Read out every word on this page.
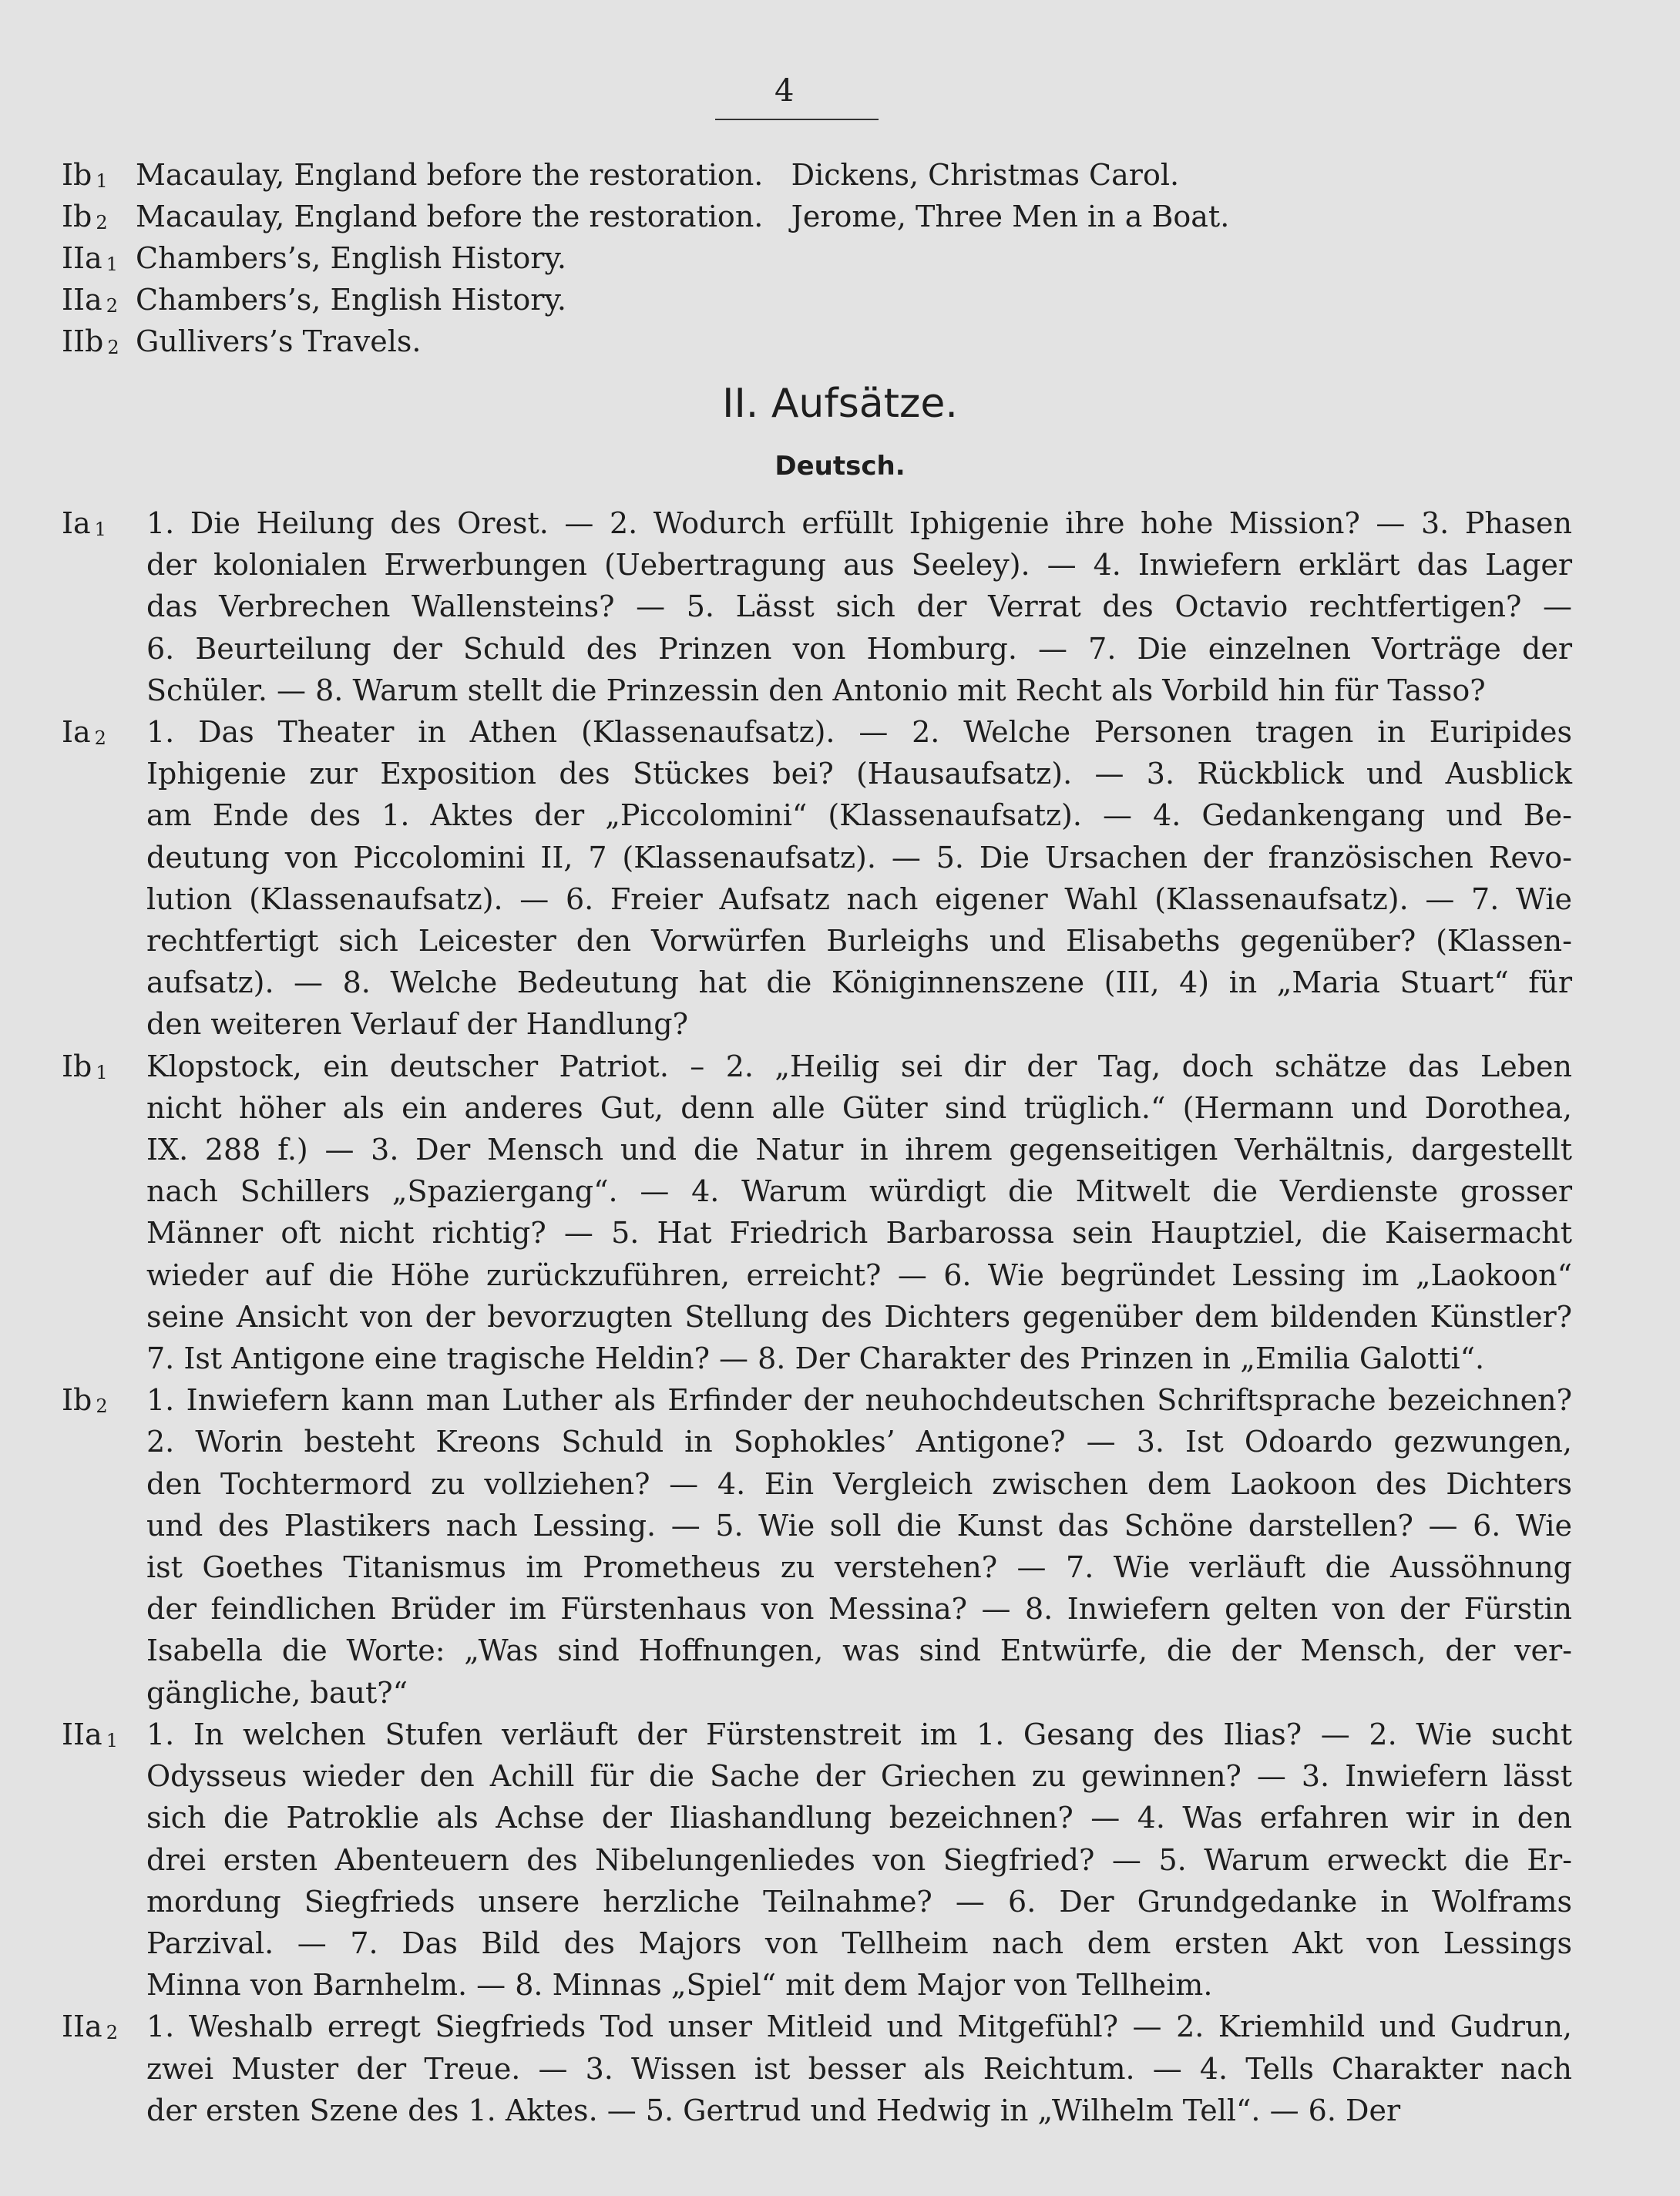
4
Ib 1 Macaulay, England before the restoration.   Dickens, Christmas Carol.
Ib 2 Macaulay, England before the restoration.   Jerome, Three Men in a Boat.
IIa 1 Chambers’s, English History.
IIa 2 Chambers’s, English History.
IIb 2 Gullivers’s Travels.
II. Aufsätze.
Deutsch.
Ia 1	1. Die Heilung des Orest. — 2. Wodurch erfüllt Iphigenie ihre hohe Mission? — 3. Phasen
der kolonialen Erwerbungen (Uebertragung aus Seeley). — 4. Inwiefern erklärt das Lager
das Verbrechen Wallensteins? — 5. Lässt sich der Verrat des Octavio rechtfertigen? —
6. Beurteilung der Schuld des Prinzen von Homburg. — 7. Die einzelnen Vorträge der
Schüler. — 8. Warum stellt die Prinzessin den Antonio mit Recht als Vorbild hin für Tasso?
Ia 2	1. Das Theater in Athen (Klassenaufsatz). — 2. Welche Personen tragen in Euripides
Iphigenie zur Exposition des Stückes bei? (Hausaufsatz). — 3. Rückblick und Ausblick
am Ende des 1. Aktes der „Piccolomini“ (Klassenaufsatz). — 4. Gedankengang und Be-
deutung von Piccolomini II, 7 (Klassenaufsatz). — 5. Die Ursachen der französischen Revo-
lution (Klassenaufsatz). — 6. Freier Aufsatz nach eigener Wahl (Klassenaufsatz). — 7. Wie
rechtfertigt sich Leicester den Vorwürfen Burleighs und Elisabeths gegenüber? (Klassen-
aufsatz). — 8. Welche Bedeutung hat die Königinnenszene (III, 4) in „Maria Stuart“ für
den weiteren Verlauf der Handlung?
Ib 1	Klopstock, ein deutscher Patriot. – 2. „Heilig sei dir der Tag, doch schätze das Leben
nicht höher als ein anderes Gut, denn alle Güter sind trüglich.“ (Hermann und Dorothea,
IX. 288 f.) — 3. Der Mensch und die Natur in ihrem gegenseitigen Verhältnis, dargestellt
nach Schillers „Spaziergang“. — 4. Warum würdigt die Mitwelt die Verdienste grosser
Männer oft nicht richtig? — 5. Hat Friedrich Barbarossa sein Hauptziel, die Kaisermacht
wieder auf die Höhe zurückzuführen, erreicht? — 6. Wie begründet Lessing im „Laokoon“
seine Ansicht von der bevorzugten Stellung des Dichters gegenüber dem bildenden Künstler?
7. Ist Antigone eine tragische Heldin? — 8. Der Charakter des Prinzen in „Emilia Galotti“.
Ib 2	1. Inwiefern kann man Luther als Erfinder der neuhochdeutschen Schriftsprache bezeichnen?
2. Worin besteht Kreons Schuld in Sophokles’ Antigone? — 3. Ist Odoardo gezwungen,
den Tochtermord zu vollziehen? — 4. Ein Vergleich zwischen dem Laokoon des Dichters
und des Plastikers nach Lessing. — 5. Wie soll die Kunst das Schöne darstellen? — 6. Wie
ist Goethes Titanismus im Prometheus zu verstehen? — 7. Wie verläuft die Aussöhnung
der feindlichen Brüder im Fürstenhaus von Messina? — 8. Inwiefern gelten von der Fürstin
Isabella die Worte: „Was sind Hoffnungen, was sind Entwürfe, die der Mensch, der ver-
gängliche, baut?“
IIa 1 1. In welchen Stufen verläuft der Fürstenstreit im 1. Gesang des Ilias? — 2. Wie sucht
Odysseus wieder den Achill für die Sache der Griechen zu gewinnen? — 3. Inwiefern lässt
sich die Patroklie als Achse der Iliashandlung bezeichnen? — 4. Was erfahren wir in den
drei ersten Abenteuern des Nibelungenliedes von Siegfried? — 5. Warum erweckt die Er-
mordung Siegfrieds unsere herzliche Teilnahme? — 6. Der Grundgedanke in Wolframs
Parzival. — 7. Das Bild des Majors von Tellheim nach dem ersten Akt von Lessings
Minna von Barnhelm. — 8. Minnas „Spiel“ mit dem Major von Tellheim.
IIa 2 1. Weshalb erregt Siegfrieds Tod unser Mitleid und Mitgefühl? — 2. Kriemhild und Gudrun,
zwei Muster der Treue. — 3. Wissen ist besser als Reichtum. — 4. Tells Charakter nach
der ersten Szene des 1. Aktes. — 5. Gertrud und Hedwig in „Wilhelm Tell“. — 6. Der
